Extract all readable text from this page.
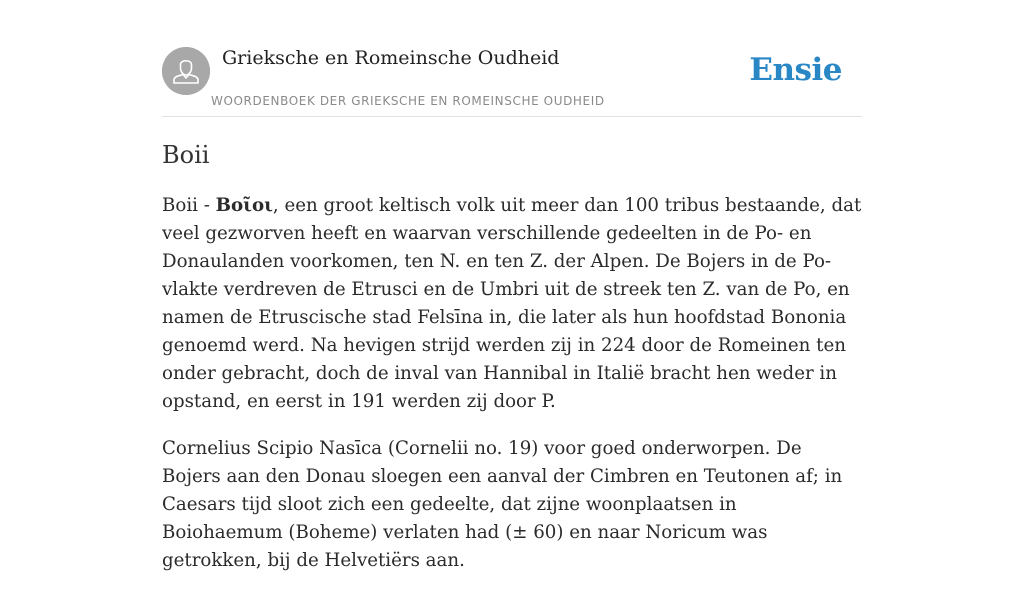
Grieksche en Romeinsche Oudheid
WOORDENBOEK DER GRIEKSCHE EN ROMEINSCHE OUDHEID
Ensie
Boii

Boii - Βοῖοι, een groot keltisch volk uit meer dan 100 tribus bestaande, dat veel gezworven heeft en waarvan verschillende gedeelten in de Po- en Donaulanden voorkomen, ten N. en ten Z. der Alpen. De Bojers in de Po-vlakte verdreven de Etrusci en de Umbri uit de streek ten Z. van de Po, en namen de Etruscische stad Felsīna in, die later als hun hoofdstad Bononia genoemd werd. Na hevigen strijd werden zij in 224 door de Romeinen ten onder gebracht, doch de inval van Hannibal in Italië bracht hen weder in opstand, en eerst in 191 werden zij door P.

Cornelius Scipio Nasīca (Cornelii no. 19) voor goed onderworpen. De Bojers aan den Donau sloegen een aanval der Cimbren en Teutonen af; in Caesars tijd sloot zich een gedeelte, dat zijne woonplaatsen in Boiohaemum (Boheme) verlaten had (± 60) en naar Noricum was getrokken, bij de Helvetiërs aan.
